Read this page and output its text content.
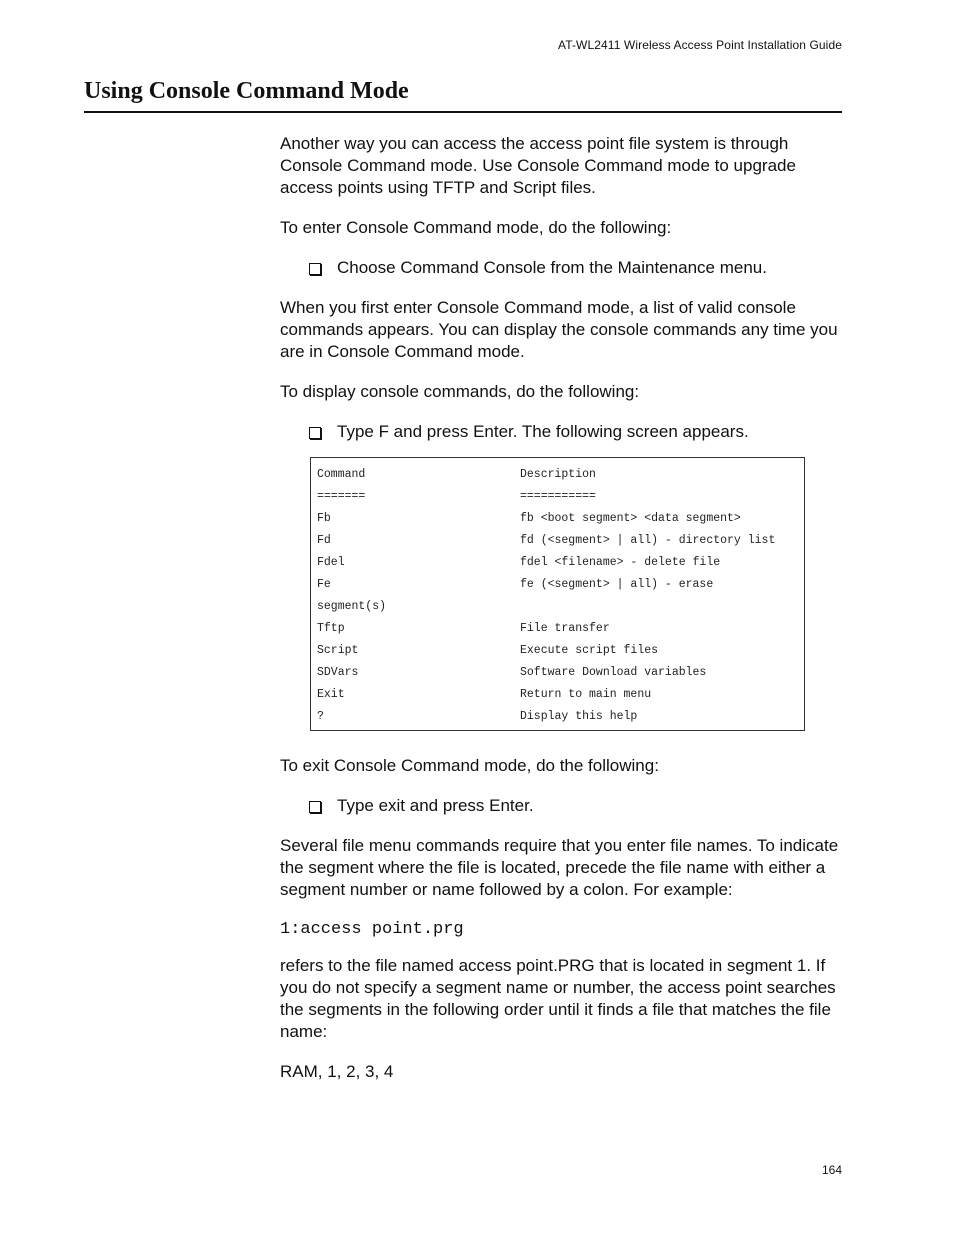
AT-WL2411 Wireless Access Point Installation Guide
Using Console Command Mode

Another way you can access the access point file system is through Console Command mode. Use Console Command mode to upgrade access points using TFTP and Script files.

To enter Console Command mode, do the following:

Choose Command Console from the Maintenance menu.

When you first enter Console Command mode, a list of valid console commands appears. You can display the console commands any time you are in Console Command mode.

To display console commands, do the following:

Type F and press Enter. The following screen appears.
Command	Description
=======	===========
Fb	fb <boot segment> <data segment>
Fd	fd (<segment> | all) - directory list
Fdel	fdel <filename> - delete file
Fe	fe (<segment> | all) - erase
segment(s)	
Tftp	File transfer
Script	Execute script files
SDVars	Software Download variables
Exit	Return to main menu
?	Display this help

To exit Console Command mode, do the following:

Type exit and press Enter.

Several file menu commands require that you enter file names. To indicate the segment where the file is located, precede the file name with either a segment number or name followed by a colon. For example:

1:access point.prg

refers to the file named access point.PRG that is located in segment 1. If you do not specify a segment name or number, the access point searches the segments in the following order until it finds a file that matches the file name:

RAM, 1, 2, 3, 4

164
